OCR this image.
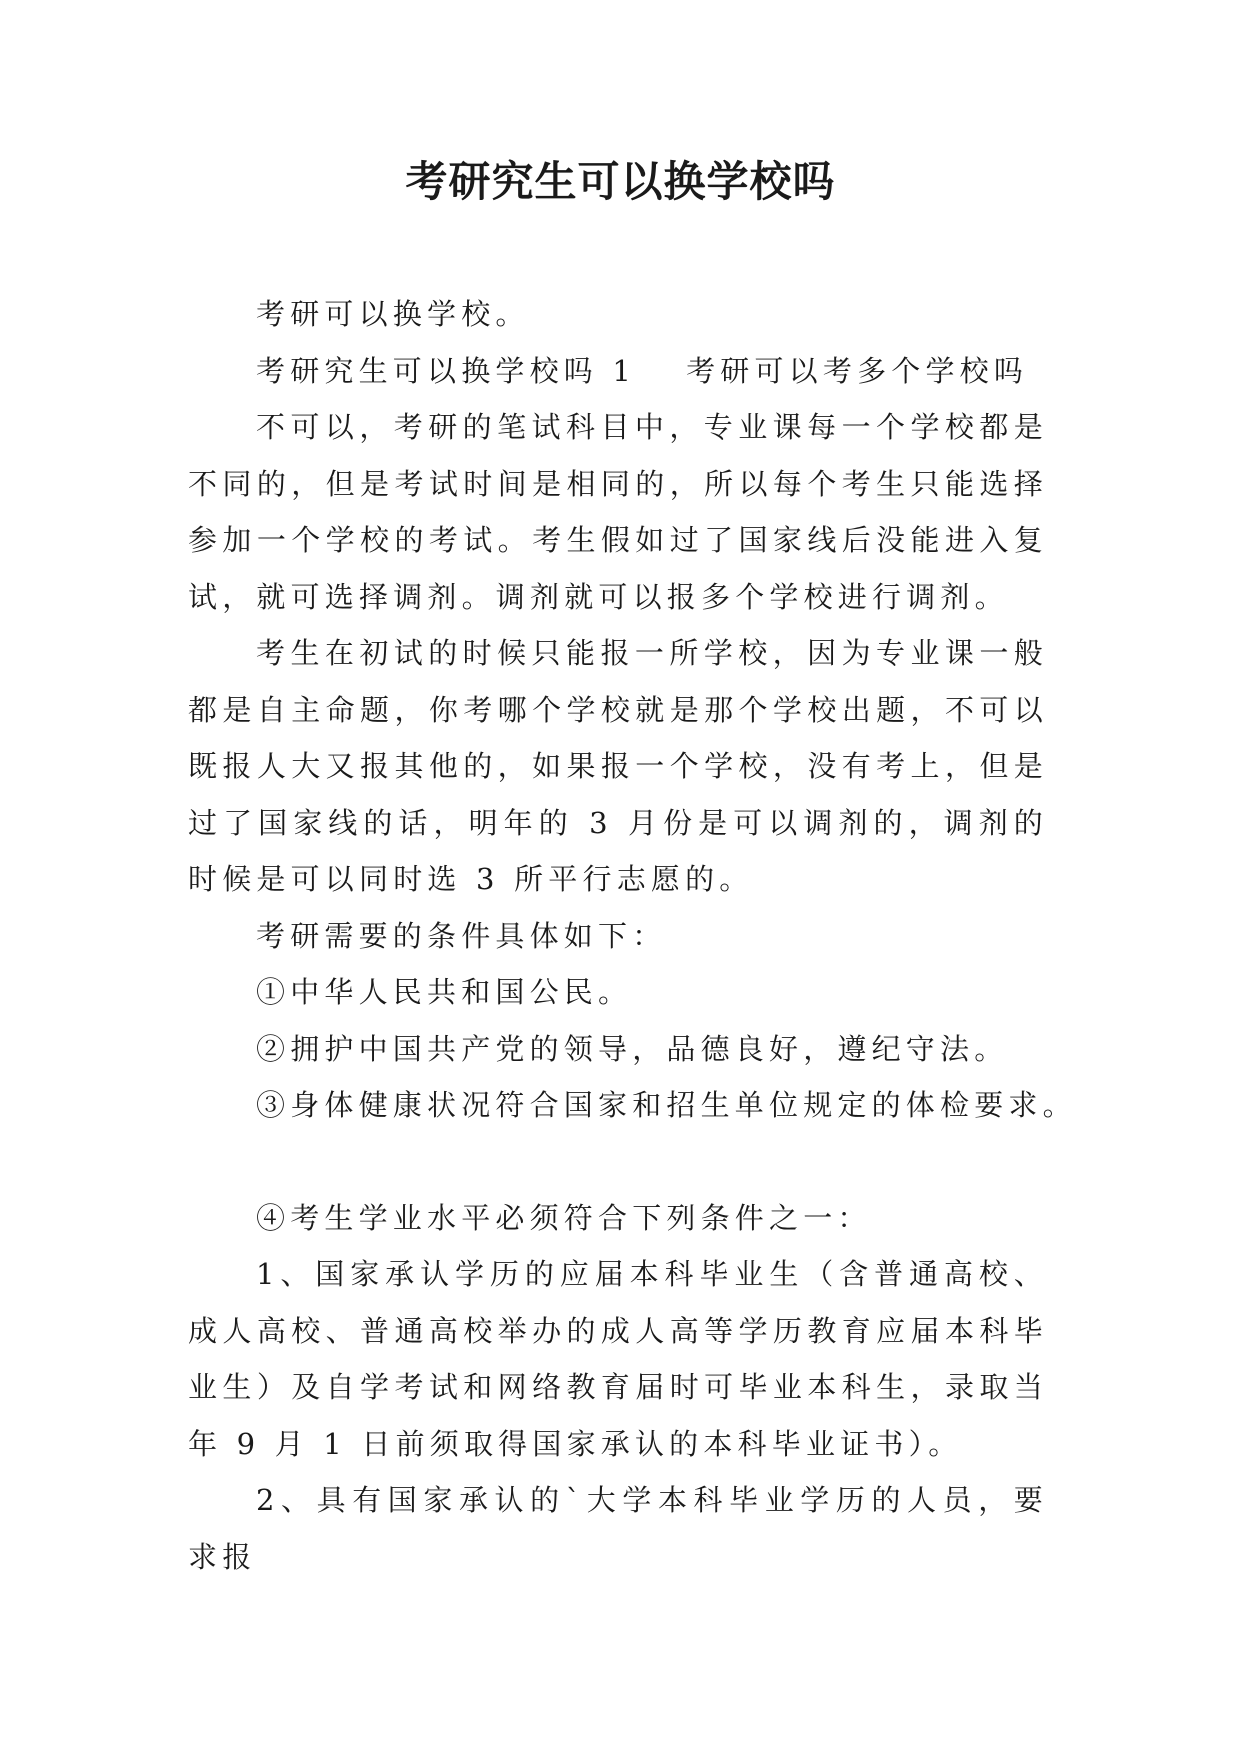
考研究生可以换学校吗

考研可以换学校。

考研究生可以换学校吗 1 考研可以考多个学校吗

不可以，考研的笔试科目中，专业课每一个学校都是不同的，但是考试时间是相同的，所以每个考生只能选择参加一个学校的考试。考生假如过了国家线后没能进入复试，就可选择调剂。调剂就可以报多个学校进行调剂。

考生在初试的时候只能报一所学校，因为专业课一般都是自主命题，你考哪个学校就是那个学校出题，不可以既报人大又报其他的，如果报一个学校，没有考上，但是过了国家线的话，明年的 3 月份是可以调剂的，调剂的时候是可以同时选 3 所平行志愿的。

考研需要的条件具体如下：

①中华人民共和国公民。

②拥护中国共产党的领导，品德良好，遵纪守法。

③身体健康状况符合国家和招生单位规定的体检要求。

④考生学业水平必须符合下列条件之一：

1、国家承认学历的应届本科毕业生（含普通高校、成人高校、普通高校举办的成人高等学历教育应届本科毕业生）及自学考试和网络教育届时可毕业本科生，录取当年 9 月 1 日前须取得国家承认的本科毕业证书）。

2、具有国家承认的`大学本科毕业学历的人员，要求报
